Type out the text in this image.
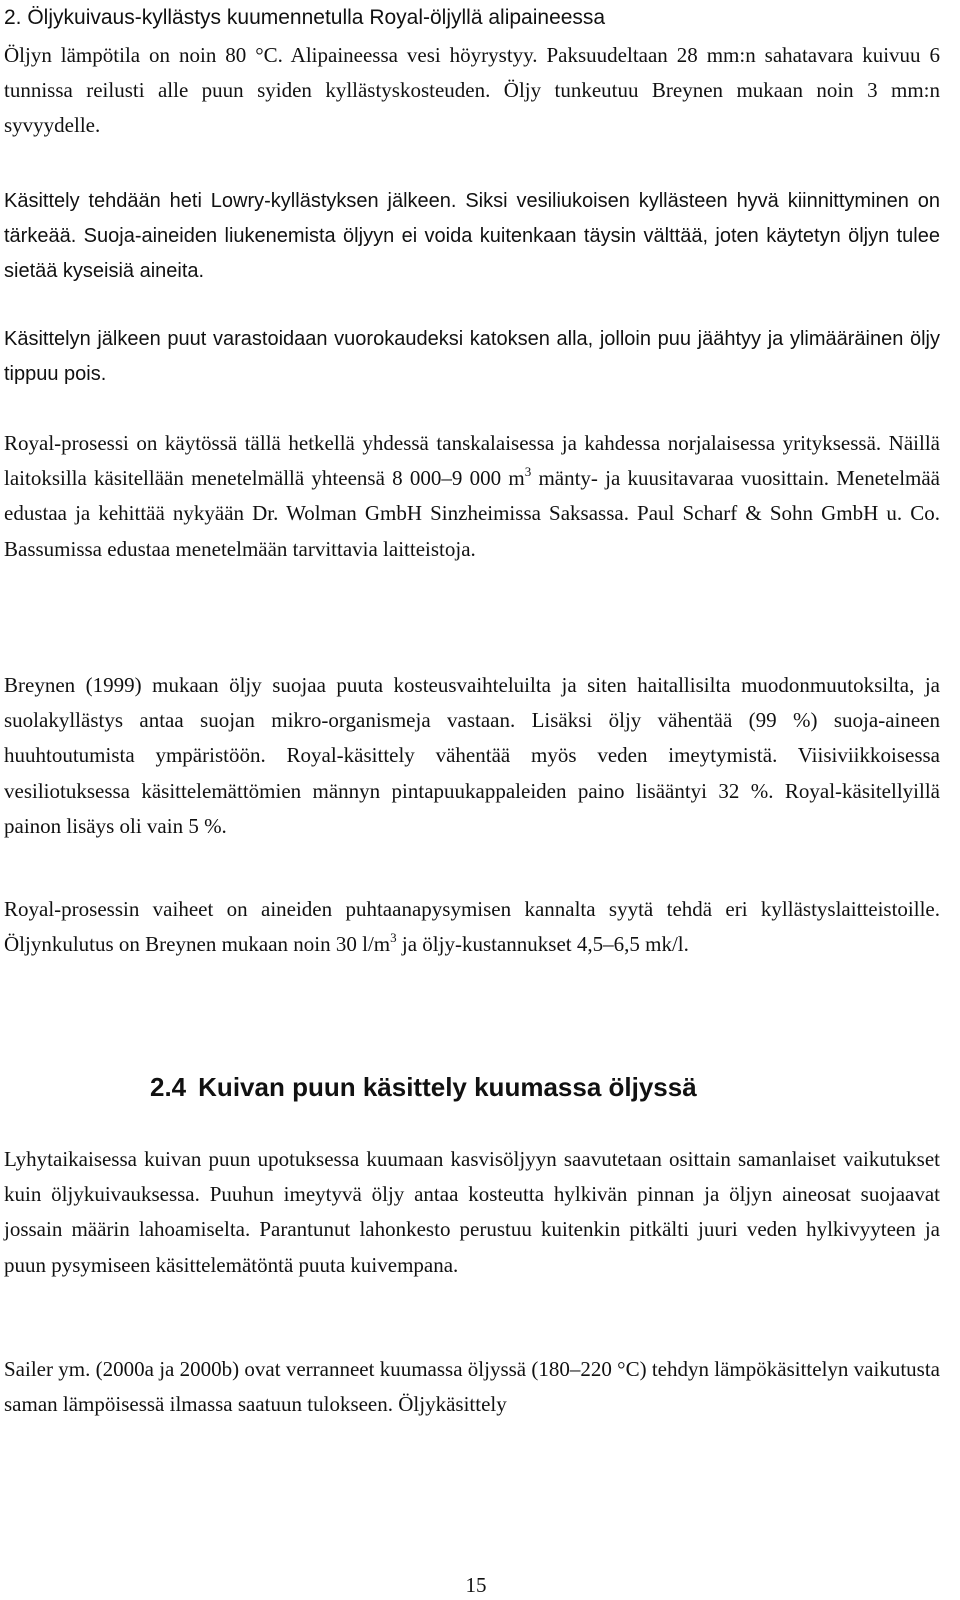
2. Öljykuivaus-kyllästys kuumennetulla Royal-öljyllä alipaineessa

Öljyn lämpötila on noin 80 °C. Alipaineessa vesi höyrystyy. Paksuudeltaan 28 mm:n sahatavara kuivuu 6 tunnissa reilusti alle puun syiden kyllästyskosteuden. Öljy tunkeutuu Breynen mukaan noin 3 mm:n syvyydelle.

Käsittely tehdään heti Lowry-kyllästyksen jälkeen. Siksi vesiliukoisen kyllästeen hyvä kiinnittyminen on tärkeää. Suoja-aineiden liukenemista öljyyn ei voida kuitenkaan täysin välttää, joten käytetyn öljyn tulee sietää kyseisiä aineita.

Käsittelyn jälkeen puut varastoidaan vuorokaudeksi katoksen alla, jolloin puu jäähtyy ja ylimääräinen öljy tippuu pois.

Royal-prosessi on käytössä tällä hetkellä yhdessä tanskalaisessa ja kahdessa norjalaisessa yrityksessä. Näillä laitoksilla käsitellään menetelmällä yhteensä 8 000–9 000 $m^3$ mänty- ja kuusitavaraa vuosittain. Menetelmää edustaa ja kehittää nykyään Dr. Wolman GmbH Sinzheimissa Saksassa. Paul Scharf & Sohn GmbH u. Co. Bassumissa edustaa menetelmään tarvittavia laitteistoja.

Breynen (1999) mukaan öljy suojaa puuta kosteusvaihteluilta ja siten haitallisilta muodonmuutoksilta, ja suolakyllästys antaa suojan mikro-organismeja vastaan. Lisäksi öljy vähentää (99 %) suoja-aineen huuhtoutumista ympäristöön. Royal-käsittely vähentää myös veden imeytymistä. Viisiviikkoisessa vesiliotuksessa käsittelemättömien männyn pintapuukappaleiden paino lisääntyi 32 %. Royal-käsitellyillä painon lisäys oli vain 5 %.

Royal-prosessin vaiheet on aineiden puhtaanapysymisen kannalta syytä tehdä eri kyllästyslaitteistoille. Öljynkulutus on Breynen mukaan noin 30 $l/m^3$ ja öljy-kustannukset 4,5–6,5 mk/l.

2.4 Kuivan puun käsittely kuumassa öljyssä

Lyhytaikaisessa kuivan puun upotuksessa kuumaan kasvisöljyyn saavutetaan osittain samanlaiset vaikutukset kuin öljykuivauksessa. Puuhun imeytyvä öljy antaa kosteutta hylkivän pinnan ja öljyn aineosat suojaavat jossain määrin lahoamiselta. Parantunut lahonkesto perustuu kuitenkin pitkälti juuri veden hylkivyyteen ja puun pysymiseen käsittelemätöntä puuta kuivempana.

Sailer ym. (2000a ja 2000b) ovat verranneet kuumassa öljyssä (180–220 °C) tehdyn lämpökäsittelyn vaikutusta saman lämpöisessä ilmassa saatuun tulokseen. Öljykäsittely

15
